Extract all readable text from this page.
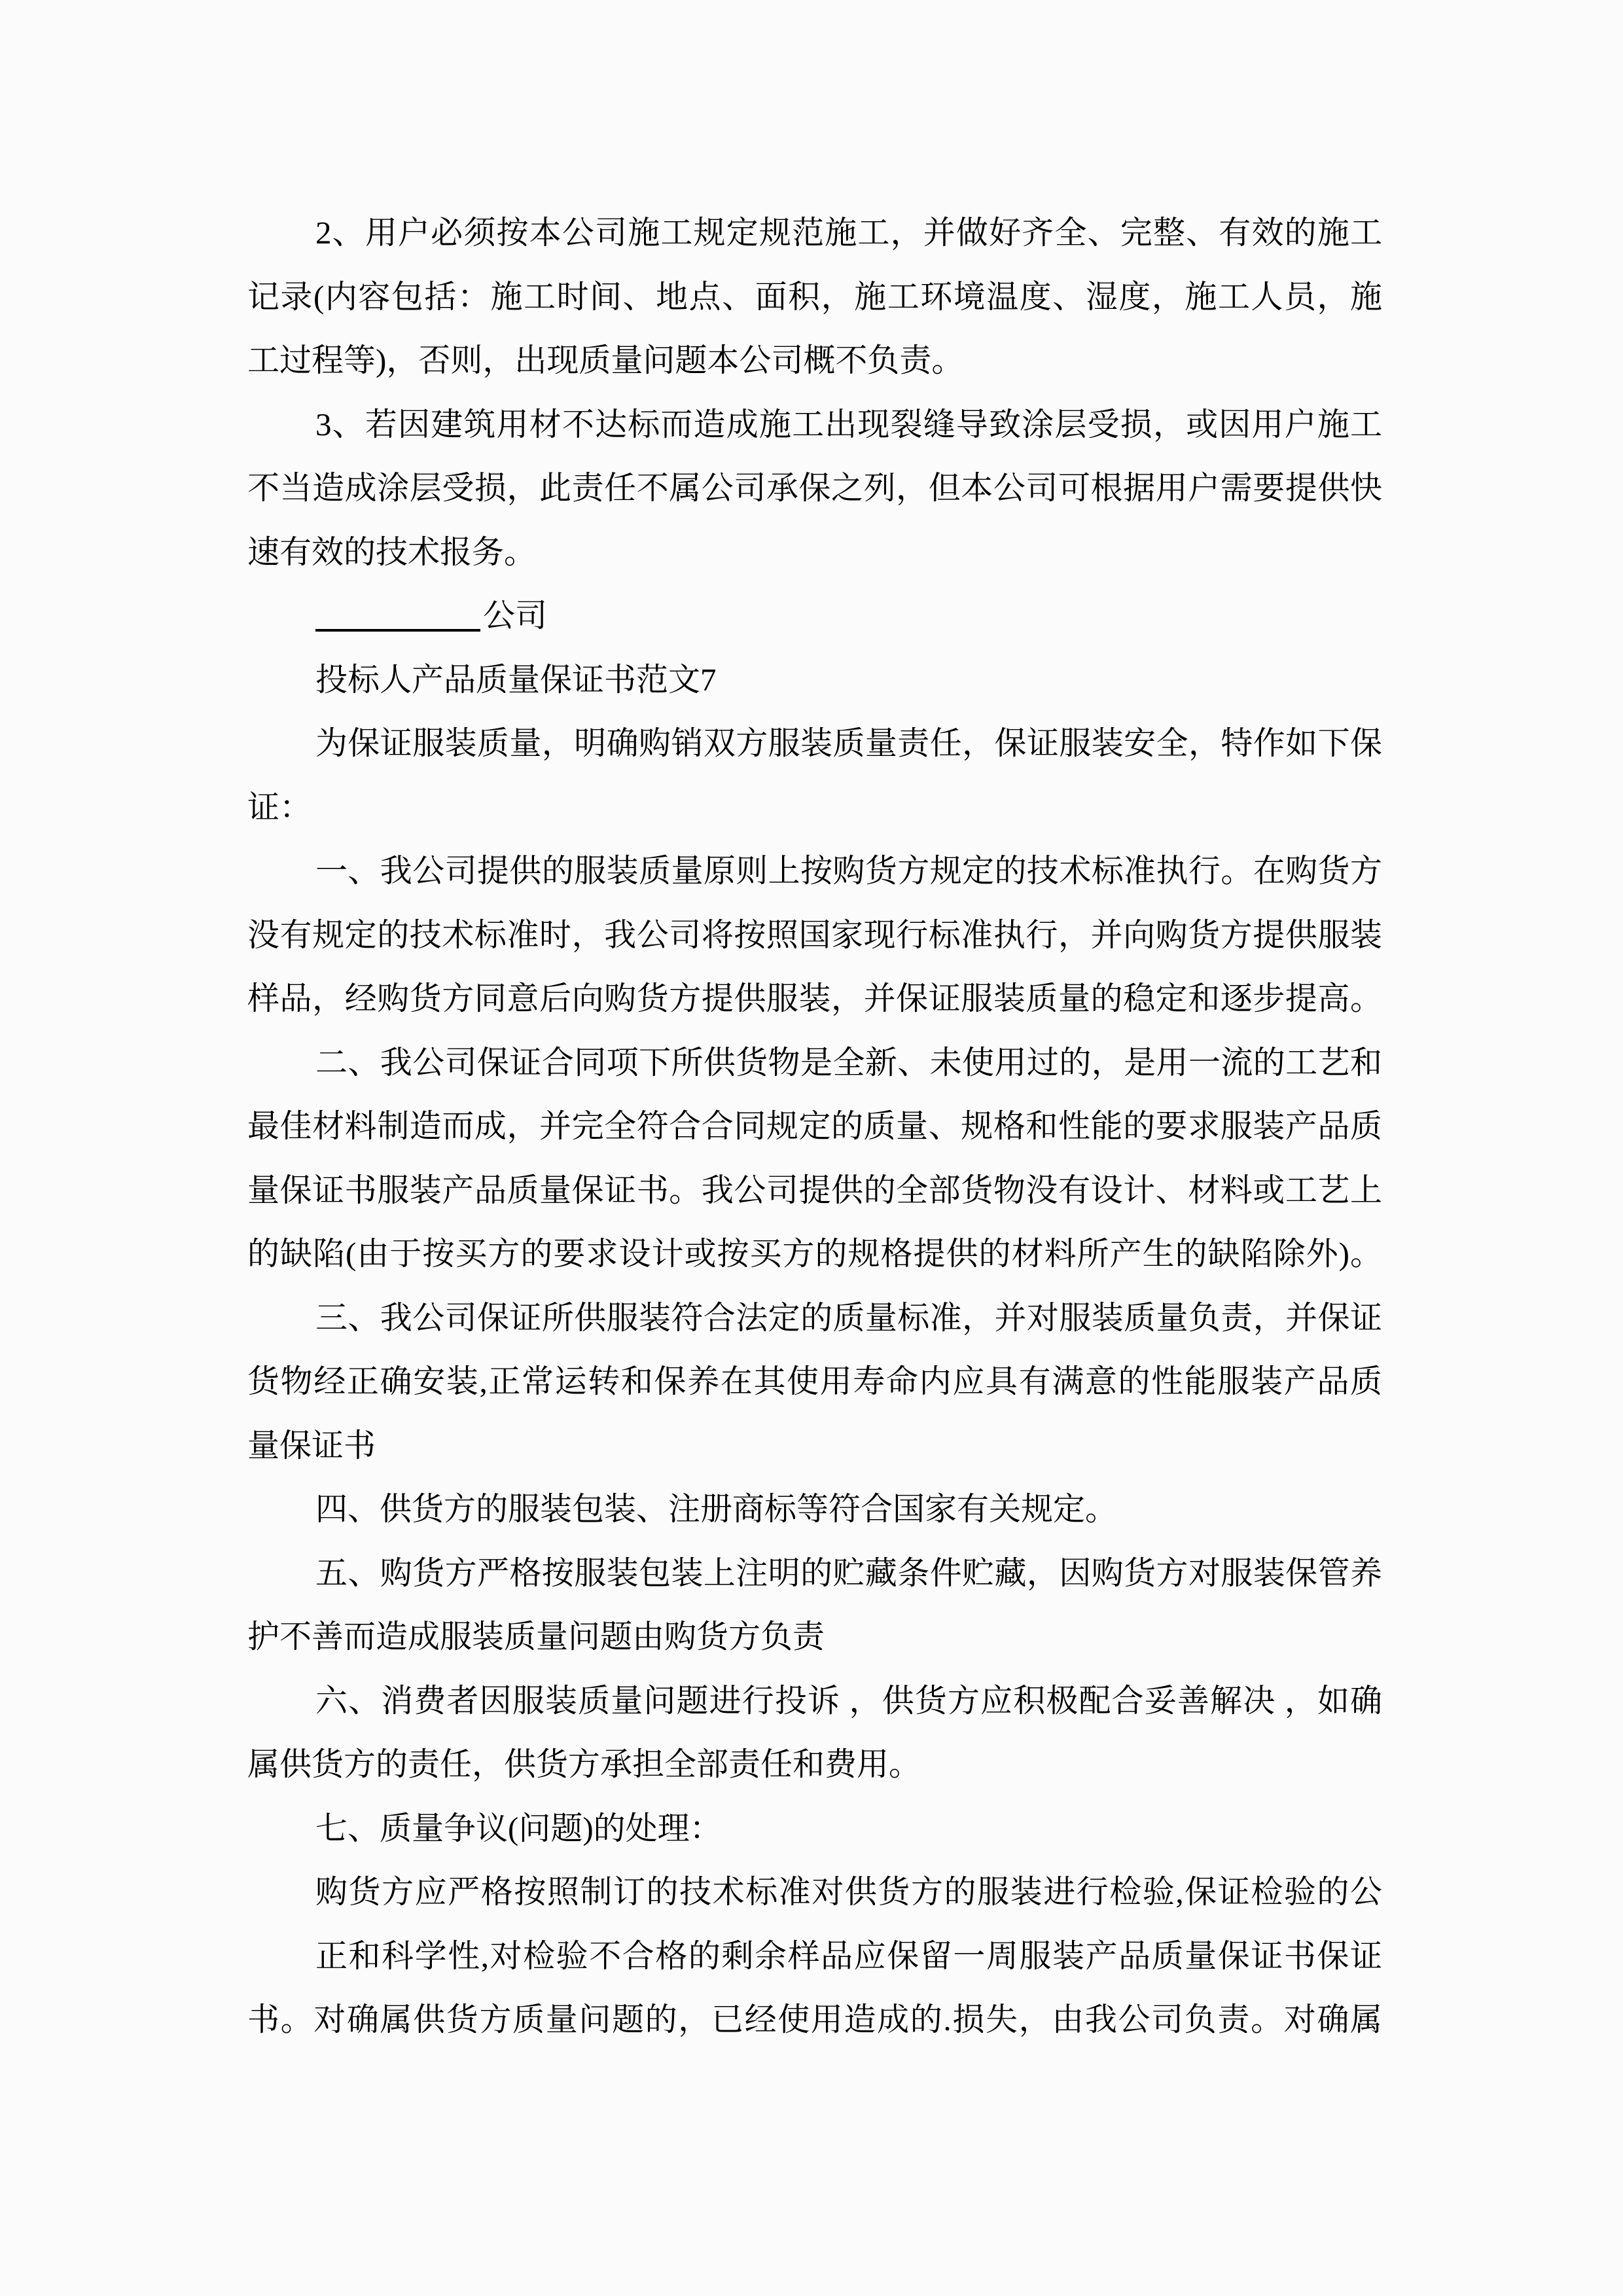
2、用户必须按本公司施工规定规范施工，并做好齐全、完整、有效的施工
记录(内容包括：施工时间、地点、面积，施工环境温度、湿度，施工人员，施
工过程等)，否则，出现质量问题本公司概不负责。
3、若因建筑用材不达标而造成施工出现裂缝导致涂层受损，或因用户施工
不当造成涂层受损，此责任不属公司承保之列，但本公司可根据用户需要提供快
速有效的技术报务。
公司
投标人产品质量保证书范文7
为保证服装质量，明确购销双方服装质量责任，保证服装安全，特作如下保
证：
一、我公司提供的服装质量原则上按购货方规定的技术标准执行。在购货方
没有规定的技术标准时，我公司将按照国家现行标准执行，并向购货方提供服装
样品，经购货方同意后向购货方提供服装，并保证服装质量的稳定和逐步提高。
二、我公司保证合同项下所供货物是全新、未使用过的，是用一流的工艺和
最佳材料制造而成，并完全符合合同规定的质量、规格和性能的要求服装产品质
量保证书服装产品质量保证书。我公司提供的全部货物没有设计、材料或工艺上
的缺陷(由于按买方的要求设计或按买方的规格提供的材料所产生的缺陷除外)。
三、我公司保证所供服装符合法定的质量标准，并对服装质量负责，并保证
货物经正确安装,正常运转和保养在其使用寿命内应具有满意的性能服装产品质
量保证书
四、供货方的服装包装、注册商标等符合国家有关规定。
五、购货方严格按服装包装上注明的贮藏条件贮藏，因购货方对服装保管养
护不善而造成服装质量问题由购货方负责
六、消费者因服装质量问题进行投诉 ，供货方应积极配合妥善解决 ，如确
属供货方的责任，供货方承担全部责任和费用。
七、质量争议(问题)的处理：
购货方应严格按照制订的技术标准对供货方的服装进行检验,保证检验的公
正和科学性,对检验不合格的剩余样品应保留一周服装产品质量保证书保证
书。对确属供货方质量问题的，已经使用造成的.损失，由我公司负责。对确属
